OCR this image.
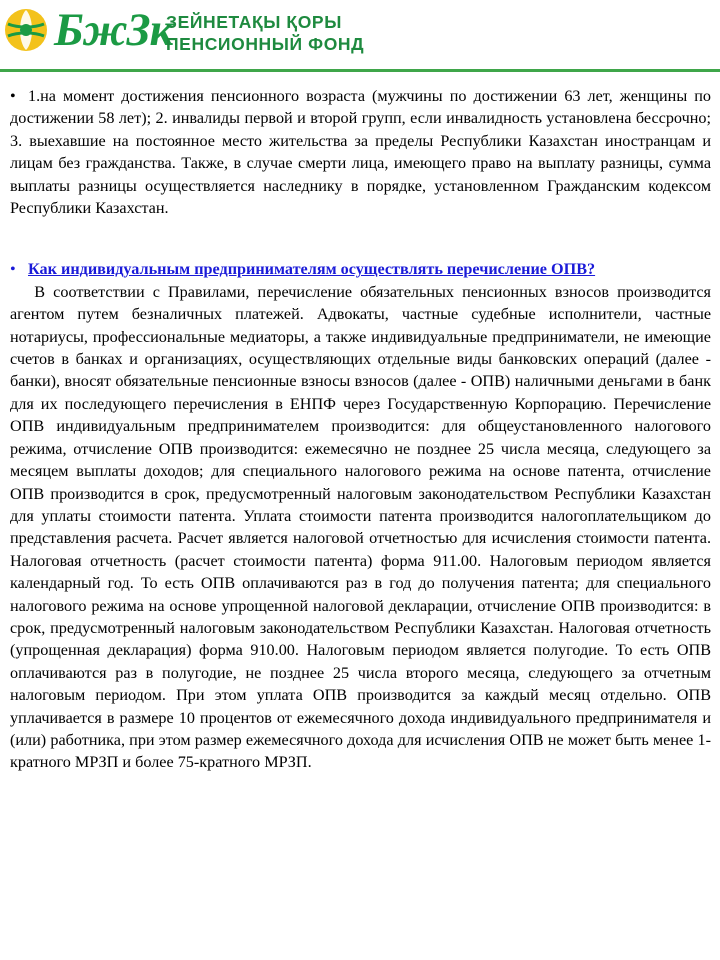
БжЗк
ЗЕЙНЕТАҚЫ ҚОРЫ
ПЕНСИОННЫЙ ФОНД

• 1.на момент достижения пенсионного возраста (мужчины по достижении 63 лет, женщины по достижении 58 лет); 2. инвалиды первой и второй групп, если инвалидность установлена бессрочно; 3. выехавшие на постоянное место жительства за пределы Республики Казахстан иностранцам и лицам без гражданства. Также, в случае смерти лица, имеющего право на выплату разницы, сумма выплаты разницы осуществляется наследнику в порядке, установленном Гражданским кодексом Республики Казахстан.

• Как индивидуальным предпринимателям осуществлять перечисление ОПВ?

  В соответствии с Правилами, перечисление обязательных пенсионных взносов производится агентом путем безналичных платежей. Адвокаты, частные судебные исполнители, частные нотариусы, профессиональные медиаторы, а также индивидуальные предприниматели, не имеющие счетов в банках и организациях, осуществляющих отдельные виды банковских операций (далее - банки), вносят обязательные пенсионные взносы взносов (далее - ОПВ) наличными деньгами в банк для их последующего перечисления в ЕНПФ через Государственную Корпорацию. Перечисление ОПВ индивидуальным предпринимателем производится: для общеустановленного налогового режима, отчисление ОПВ производится: ежемесячно не позднее 25 числа месяца, следующего за месяцем выплаты доходов; для специального налогового режима на основе патента, отчисление ОПВ производится в срок, предусмотренный налоговым законодательством Республики Казахстан для уплаты стоимости патента. Уплата стоимости патента производится налогоплательщиком до представления расчета. Расчет является налоговой отчетностью для исчисления стоимости патента. Налоговая отчетность (расчет стоимости патента) форма 911.00. Налоговым периодом является календарный год. То есть ОПВ оплачиваются раз в год до получения патента; для специального налогового режима на основе упрощенной налоговой декларации, отчисление ОПВ производится: в срок, предусмотренный налоговым законодательством Республики Казахстан. Налоговая отчетность (упрощенная декларация) форма 910.00. Налоговым периодом является полугодие. То есть ОПВ оплачиваются раз в полугодие, не позднее 25 числа второго месяца, следующего за отчетным налоговым периодом. При этом уплата ОПВ производится за каждый месяц отдельно. ОПВ уплачивается в размере 10 процентов от ежемесячного дохода индивидуального предпринимателя и (или) работника, при этом размер ежемесячного дохода для исчисления ОПВ не может быть менее 1-кратного МРЗП и более 75-кратного МРЗП.
